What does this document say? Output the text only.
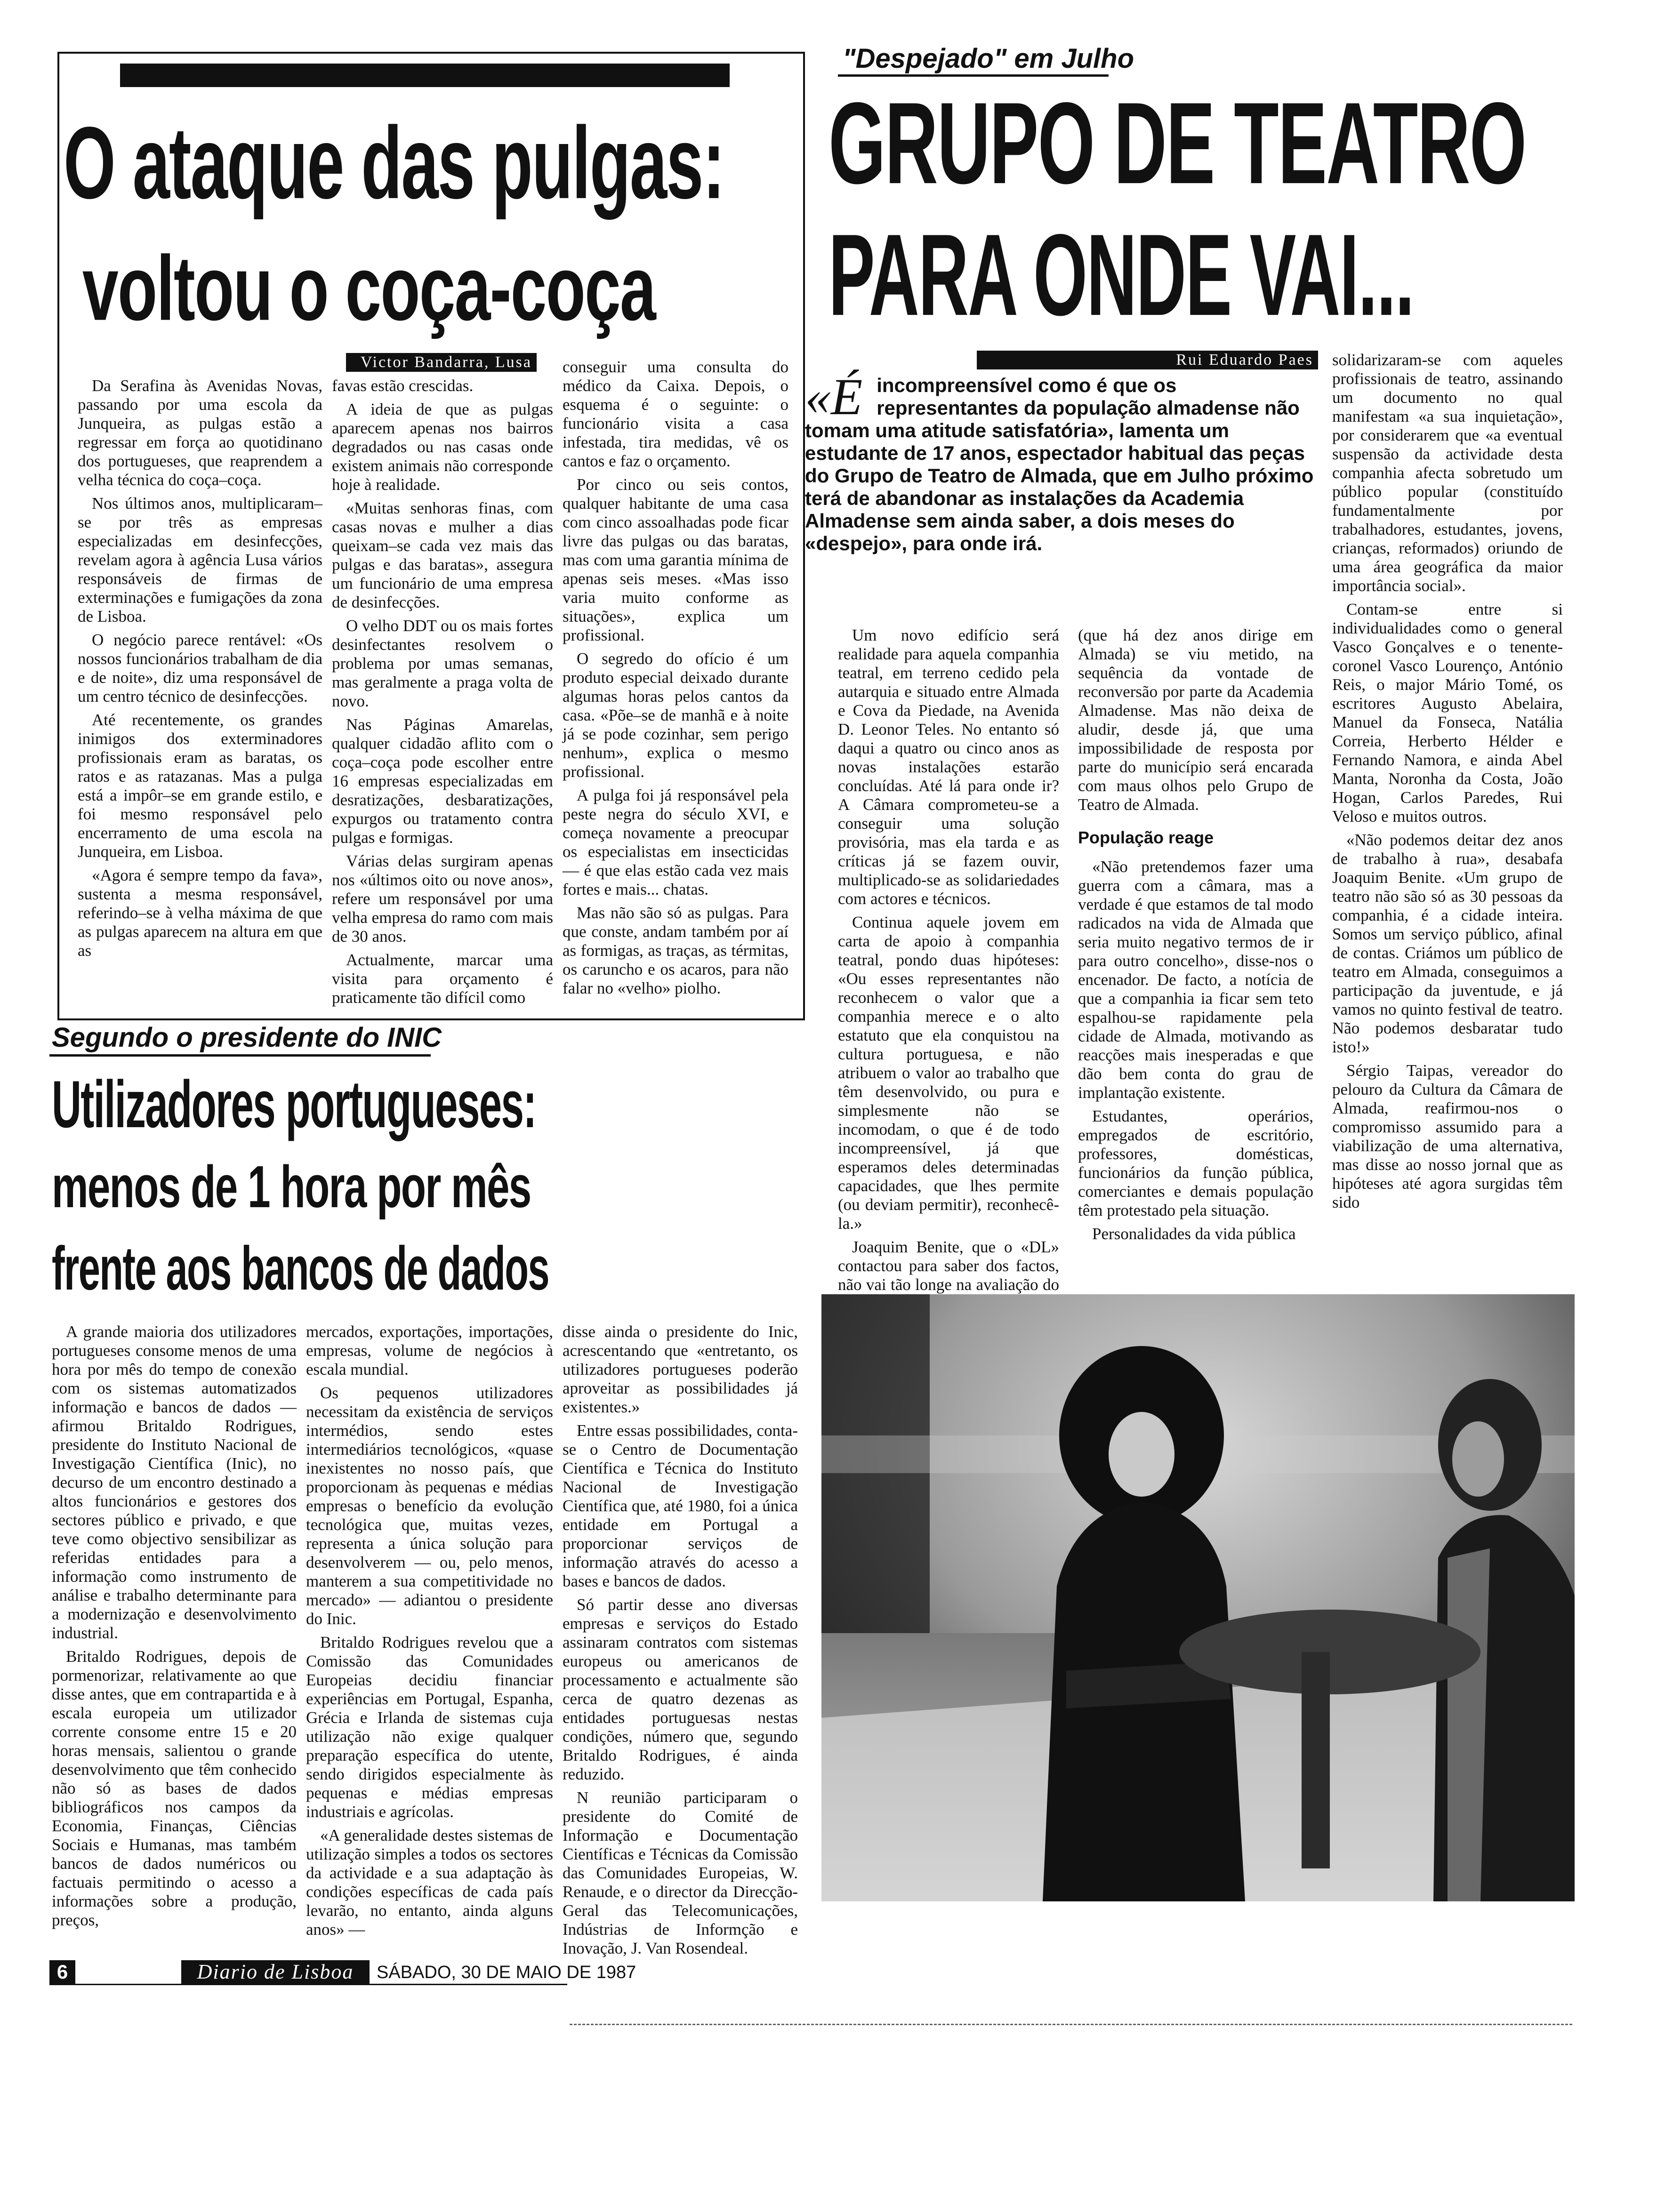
O ataque das pulgas:
voltou o coça-coça
Victor Bandarra, Lusa

Da Serafina às Avenidas Novas, passando por uma escola da Junqueira, as pulgas estão a regressar em força ao quotidinano dos portugueses, que reaprendem a velha técnica do coça–coça.

Nos últimos anos, multiplicaram–se por três as empresas especializadas em desinfecções, revelam agora à agência Lusa vários responsáveis de firmas de exterminações e fumigações da zona de Lisboa.

O negócio parece rentável: «Os nossos funcionários trabalham de dia e de noite», diz uma responsável de um centro técnico de desinfecções.

Até recentemente, os grandes inimigos dos exterminadores profissionais eram as baratas, os ratos e as ratazanas. Mas a pulga está a impôr–se em grande estilo, e foi mesmo responsável pelo encerramento de uma escola na Junqueira, em Lisboa.

«Agora é sempre tempo da fava», sustenta a mesma responsável, referindo–se à velha máxima de que as pulgas aparecem na altura em que as

favas estão crescidas.

A ideia de que as pulgas aparecem apenas nos bairros degradados ou nas casas onde existem animais não corresponde hoje à realidade.

«Muitas senhoras finas, com casas novas e mulher a dias queixam–se cada vez mais das pulgas e das baratas», assegura um funcionário de uma empresa de desinfecções.

O velho DDT ou os mais fortes desinfectantes resolvem o problema por umas semanas, mas geralmente a praga volta de novo.

Nas Páginas Amarelas, qualquer cidadão aflito com o coça–coça pode escolher entre 16 empresas especializadas em desratizações, desbaratizações, expurgos ou tratamento contra pulgas e formigas.

Várias delas surgiram apenas nos «últimos oito ou nove anos», refere um responsável por uma velha empresa do ramo com mais de 30 anos.

Actualmente, marcar uma visita para orçamento é praticamente tão difícil como

conseguir uma consulta do médico da Caixa. Depois, o esquema é o seguinte: o funcionário visita a casa infestada, tira medidas, vê os cantos e faz o orçamento.

Por cinco ou seis contos, qualquer habitante de uma casa com cinco assoalhadas pode ficar livre das pulgas ou das baratas, mas com uma garantia mínima de apenas seis meses. «Mas isso varia muito conforme as situações», explica um profissional.

O segredo do ofício é um produto especial deixado durante algumas horas pelos cantos da casa. «Põe–se de manhã e à noite já se pode cozinhar, sem perigo nenhum», explica o mesmo profissional.

A pulga foi já responsável pela peste negra do século XVI, e começa novamente a preocupar os especialistas em insecticidas — é que elas estão cada vez mais fortes e mais... chatas.

Mas não são só as pulgas. Para que conste, andam também por aí as formigas, as traças, as térmitas, os caruncho e os acaros, para não falar no «velho» piolho.

Segundo o presidente do INIC
Utilizadores portugueses:
menos de 1 hora por mês
frente aos bancos de dados

A grande maioria dos utilizadores portugueses consome menos de uma hora por mês do tempo de conexão com os sistemas automatizados informação e bancos de dados — afirmou Britaldo Rodrigues, presidente do Instituto Nacional de Investigação Científica (Inic), no decurso de um encontro destinado a altos funcionários e gestores dos sectores público e privado, e que teve como objectivo sensibilizar as referidas entidades para a informação como instrumento de análise e trabalho determinante para a modernização e desenvolvimento industrial.

Britaldo Rodrigues, depois de pormenorizar, relativamente ao que disse antes, que em contrapartida e à escala europeia um utilizador corrente consome entre 15 e 20 horas mensais, salientou o grande desenvolvimento que têm conhecido não só as bases de dados bibliográficos nos campos da Economia, Finanças, Ciências Sociais e Humanas, mas também bancos de dados numéricos ou factuais permitindo o acesso a informações sobre a produção, preços,

mercados, exportações, importações, empresas, volume de negócios à escala mundial.

Os pequenos utilizadores necessitam da existência de serviços intermédios, sendo estes intermediários tecnológicos, «quase inexistentes no nosso país, que proporcionam às pequenas e médias empresas o benefício da evolução tecnológica que, muitas vezes, representa a única solução para desenvolverem — ou, pelo menos, manterem a sua competitividade no mercado» — adiantou o presidente do Inic.

Britaldo Rodrigues revelou que a Comissão das Comunidades Europeias decidiu financiar experiências em Portugal, Espanha, Grécia e Irlanda de sistemas cuja utilização não exige qualquer preparação específica do utente, sendo dirigidos especialmente às pequenas e médias empresas industriais e agrícolas.

«A generalidade destes sistemas de utilização simples a todos os sectores da actividade e a sua adaptação às condições específicas de cada país levarão, no entanto, ainda alguns anos» —

disse ainda o presidente do Inic, acrescentando que «entretanto, os utilizadores portugueses poderão aproveitar as possibilidades já existentes.»

Entre essas possibilidades, conta-se o Centro de Documentação Científica e Técnica do Instituto Nacional de Investigação Científica que, até 1980, foi a única entidade em Portugal a proporcionar serviços de informação através do acesso a bases e bancos de dados.

Só partir desse ano diversas empresas e serviços do Estado assinaram contratos com sistemas europeus ou americanos de processamento e actualmente são cerca de quatro dezenas as entidades portuguesas nestas condições, número que, segundo Britaldo Rodrigues, é ainda reduzido.

N reunião participaram o presidente do Comité de Informação e Documentação Científicas e Técnicas da Comissão das Comunidades Europeias, W. Renaude, e o director da Direcção-Geral das Telecomunicações, Indústrias de Informção e Inovação, J. Van Rosendeal.

"Despejado" em Julho
GRUPO DE TEATRO
PARA ONDE VAI...
Rui Eduardo Paes
«É incompreensível como é que os representantes da população almadense não tomam uma atitude satisfatória», lamenta um estudante de 17 anos, espectador habitual das peças do Grupo de Teatro de Almada, que em Julho próximo terá de abandonar as instalações da Academia Almadense sem ainda saber, a dois meses do «despejo», para onde irá.

Um novo edifício será realidade para aquela companhia teatral, em terreno cedido pela autarquia e situado entre Almada e Cova da Piedade, na Avenida D. Leonor Teles. No entanto só daqui a quatro ou cinco anos as novas instalações estarão concluídas. Até lá para onde ir? A Câmara comprometeu-se a conseguir uma solução provisória, mas ela tarda e as críticas já se fazem ouvir, multiplicado-se as solidariedades com actores e técnicos.

Continua aquele jovem em carta de apoio à companhia teatral, pondo duas hipóteses: «Ou esses representantes não reconhecem o valor que a companhia merece e o alto estatuto que ela conquistou na cultura portuguesa, e não atribuem o valor ao trabalho que têm desenvolvido, ou pura e simplesmente não se incomodam, o que é de todo incompreensível, já que esperamos deles determinadas capacidades, que lhes permite (ou deviam permitir), reconhecê-la.»

Joaquim Benite, que o «DL» contactou para saber dos factos, não vai tão longe na avaliação do

(que há dez anos dirige em Almada) se viu metido, na sequência da vontade de reconversão por parte da Academia Almadense. Mas não deixa de aludir, desde já, que uma impossibilidade de resposta por parte do município será encarada com maus olhos pelo Grupo de Teatro de Almada.

População reage

«Não pretendemos fazer uma guerra com a câmara, mas a verdade é que estamos de tal modo radicados na vida de Almada que seria muito negativo termos de ir para outro concelho», disse-nos o encenador. De facto, a notícia de que a companhia ia ficar sem teto espalhou-se rapidamente pela cidade de Almada, motivando as reacções mais inesperadas e que dão bem conta do grau de implantação existente.

Estudantes, operários, empregados de escritório, professores, domésticas, funcionários da função pública, comerciantes e demais população têm protestado pela situação.

Personalidades da vida pública

solidarizaram-se com aqueles profissionais de teatro, assinando um documento no qual manifestam «a sua inquietação», por considerarem que «a eventual suspensão da actividade desta companhia afecta sobretudo um público popular (constituído fundamentalmente por trabalhadores, estudantes, jovens, crianças, reformados) oriundo de uma área geográfica da maior importância social».

Contam-se entre si individualidades como o general Vasco Gonçalves e o tenente-coronel Vasco Lourenço, António Reis, o major Mário Tomé, os escritores Augusto Abelaira, Manuel da Fonseca, Natália Correia, Herberto Hélder e Fernando Namora, e ainda Abel Manta, Noronha da Costa, João Hogan, Carlos Paredes, Rui Veloso e muitos outros.

«Não podemos deitar dez anos de trabalho à rua», desabafa Joaquim Benite. «Um grupo de teatro não são só as 30 pessoas da companhia, é a cidade inteira. Somos um serviço público, afinal de contas. Criámos um público de teatro em Almada, conseguimos a participação da juventude, e já vamos no quinto festival de teatro. Não podemos desbaratar tudo isto!»

Sérgio Taipas, vereador do pelouro da Cultura da Câmara de Almada, reafirmou-nos o compromisso assumido para a viabilização de uma alternativa, mas disse ao nosso jornal que as hipóteses até agora surgidas têm sido

6	Diario de Lisboa	SÁBADO, 30 DE MAIO DE 1987
